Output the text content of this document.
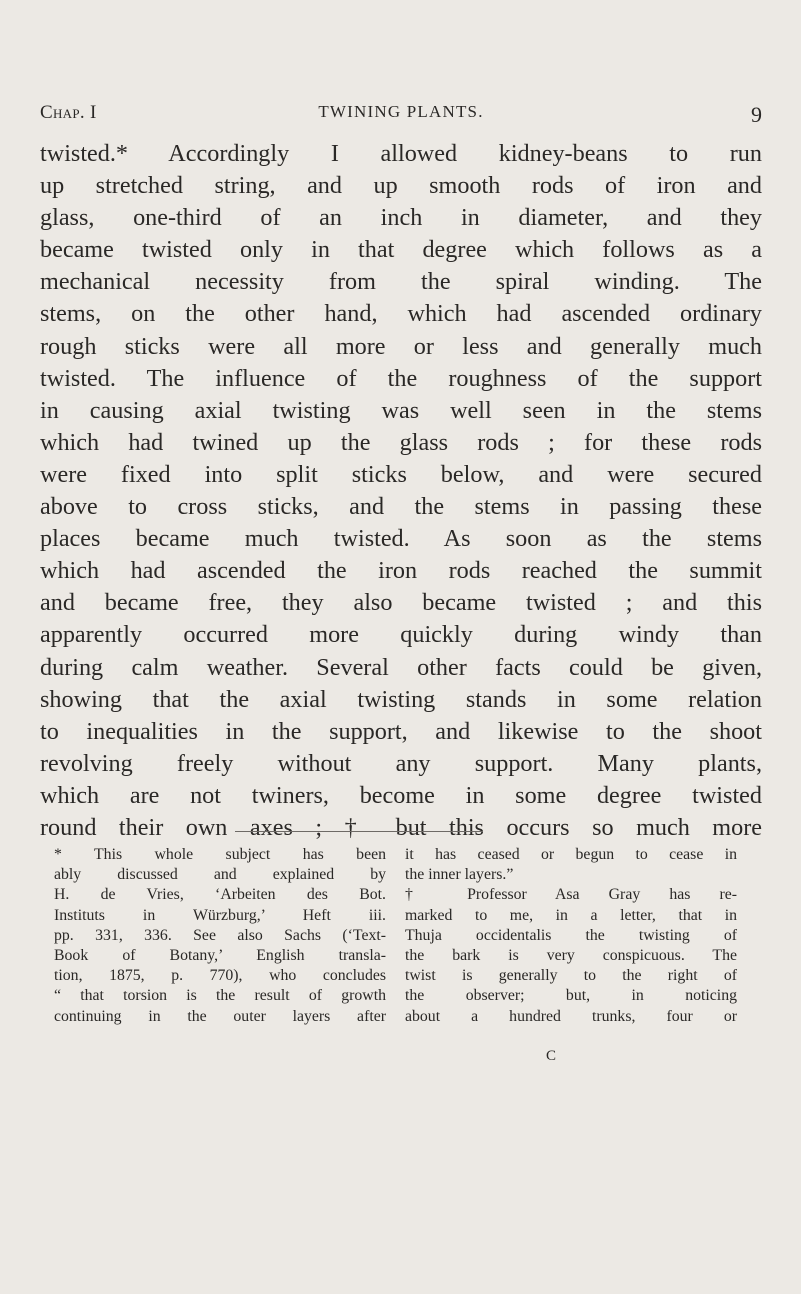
Chap. I	TWINING PLANTS.	9
twisted.* Accordingly I allowed kidney-beans to run
up stretched string, and up smooth rods of iron and
glass, one-third of an inch in diameter, and they
became twisted only in that degree which follows as a
mechanical necessity from the spiral winding. The
stems, on the other hand, which had ascended ordinary
rough sticks were all more or less and generally much
twisted. The influence of the roughness of the support
in causing axial twisting was well seen in the stems
which had twined up the glass rods ; for these rods
were fixed into split sticks below, and were secured
above to cross sticks, and the stems in passing these
places became much twisted. As soon as the stems
which had ascended the iron rods reached the summit
and became free, they also became twisted ; and this
apparently occurred more quickly during windy than
during calm weather. Several other facts could be given,
showing that the axial twisting stands in some relation
to inequalities in the support, and likewise to the shoot
revolving freely without any support. Many plants,
which are not twiners, become in some degree twisted
round their own axes ; † but this occurs so much more
* This whole subject has been
ably discussed and explained by
H. de Vries, ‘Arbeiten des Bot.
Instituts in Würzburg,’ Heft iii.
pp. 331, 336. See also Sachs (‘Text-
Book of Botany,’ English transla-
tion, 1875, p. 770), who concludes
“ that torsion is the result of growth
continuing in the outer layers after
it has ceased or begun to cease in
the inner layers.”
† Professor Asa Gray has re-
marked to me, in a letter, that in
Thuja occidentalis the twisting of
the bark is very conspicuous. The
twist is generally to the right of
the observer; but, in noticing
about a hundred trunks, four or
C
